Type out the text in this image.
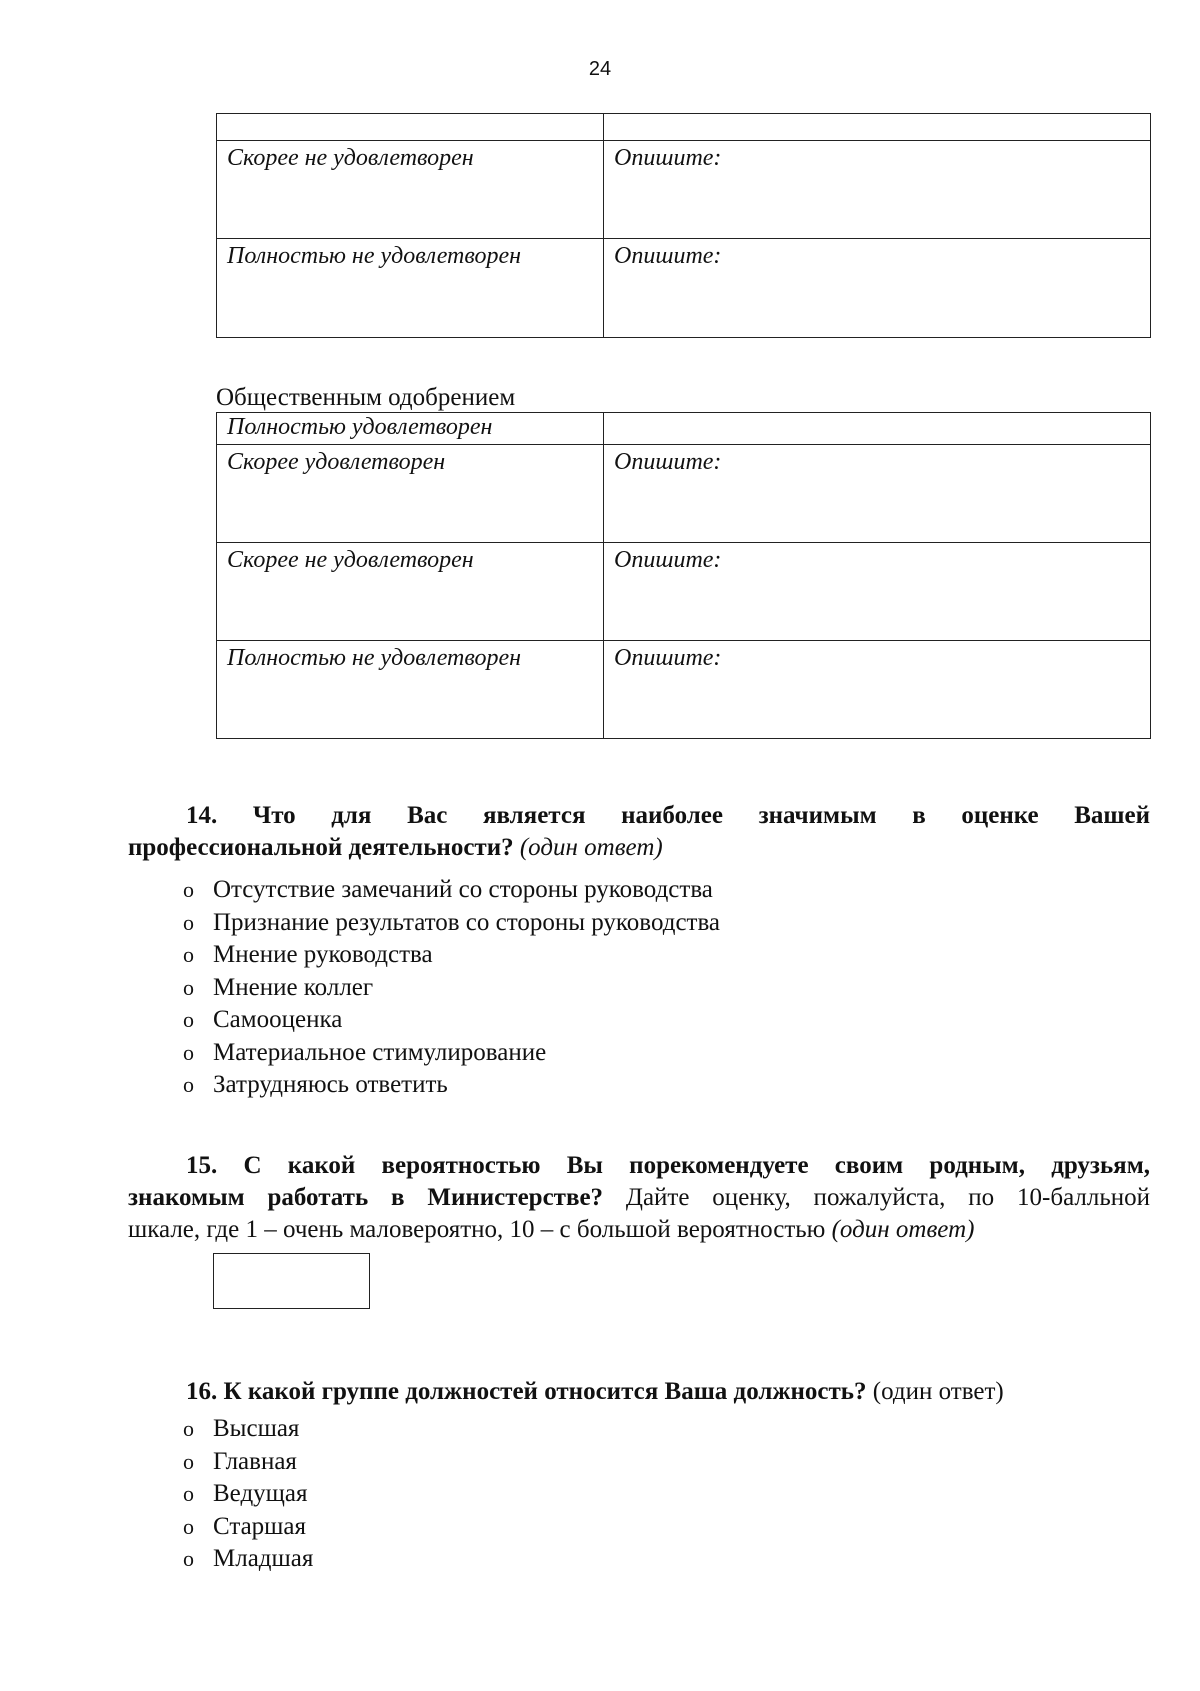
24

Скорее не удовлетворен	Опишите:
Полностью не удовлетворен	Опишите:
Общественным одобрением
Полностью удовлетворен	
Скорее удовлетворен	Опишите:
Скорее не удовлетворен	Опишите:
Полностью не удовлетворен	Опишите:
14. Что для Вас является наиболее значимым в оценке Вашей
профессиональной деятельности? (один ответ)
o Отсутствие замечаний со стороны руководства
o Признание результатов со стороны руководства
o Мнение руководства
o Мнение коллег
o Самооценка
o Материальное стимулирование
o Затрудняюсь ответить
15. С какой вероятностью Вы порекомендуете своим родным, друзьям,
знакомым работать в Министерстве? Дайте оценку, пожалуйста, по 10-балльной
шкале, где 1 – очень маловероятно, 10 – с большой вероятностью (один ответ)
16. К какой группе должностей относится Ваша должность? (один ответ)
o Высшая
o Главная
o Ведущая
o Старшая
o Младшая
